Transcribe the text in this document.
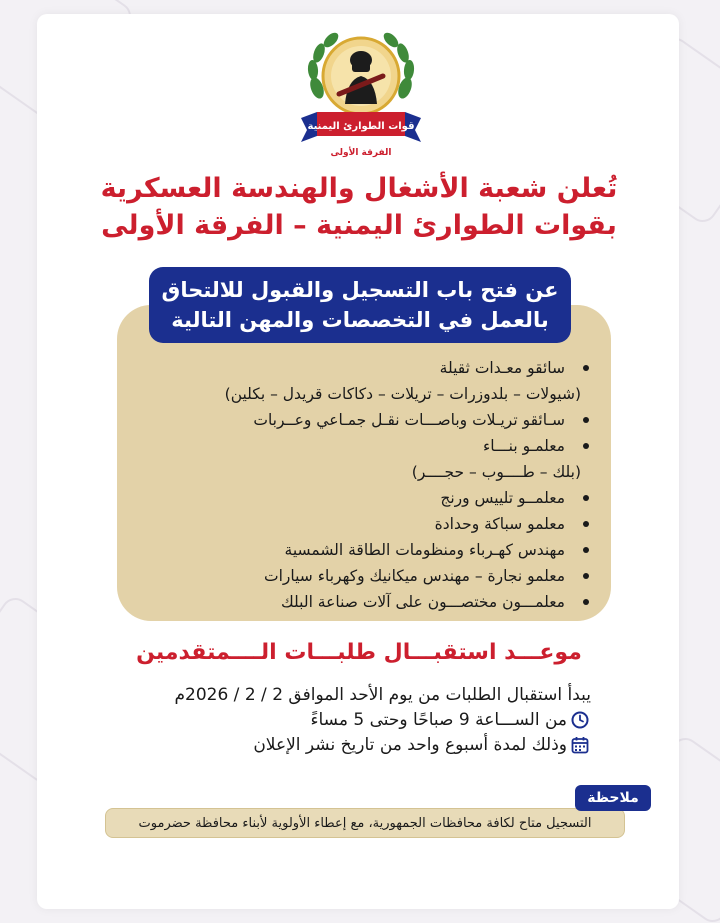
قوات الطوارئ اليمنية
الفرقة الأولى
تُعلن شعبة الأشغال والهندسة العسكرية
بقوات الطوارئ اليمنية – الفرقة الأولى
عن فتح باب التسجيل والقبول للالتحاق
بالعمل في التخصصات والمهن التالية
سائقو معـدات ثقيلة
(شيولات – بلدوزرات – تريلات – دكاكات قريدل – بكلين)
سـائقو تريـلات وباصـــات نقـل جمـاعي وعــربات
معلمـو بنـــاء
(بلك – طــــوب – حجــــر)
معلمــو تلييس ورنج
معلمو سباكة وحدادة
مهندس كهـرباء ومنظومات الطاقة الشمسية
معلمو نجارة – مهندس ميكانيك وكهرباء سيارات
معلمـــون مختصـــون على آلات صناعة البلك
موعـــد استقبـــال طلبـــات الــــمتقدمين
يبدأ استقبال الطلبات من يوم الأحد الموافق 2 / 2 / 2026م
من الســـاعة 9 صباحًا وحتى 5 مساءً
وذلك لمدة أسبوع واحد من تاريخ نشر الإعلان
ملاحظة
التسجيل متاح لكافة محافظات الجمهورية، مع إعطاء الأولوية لأبناء محافظة حضرموت
